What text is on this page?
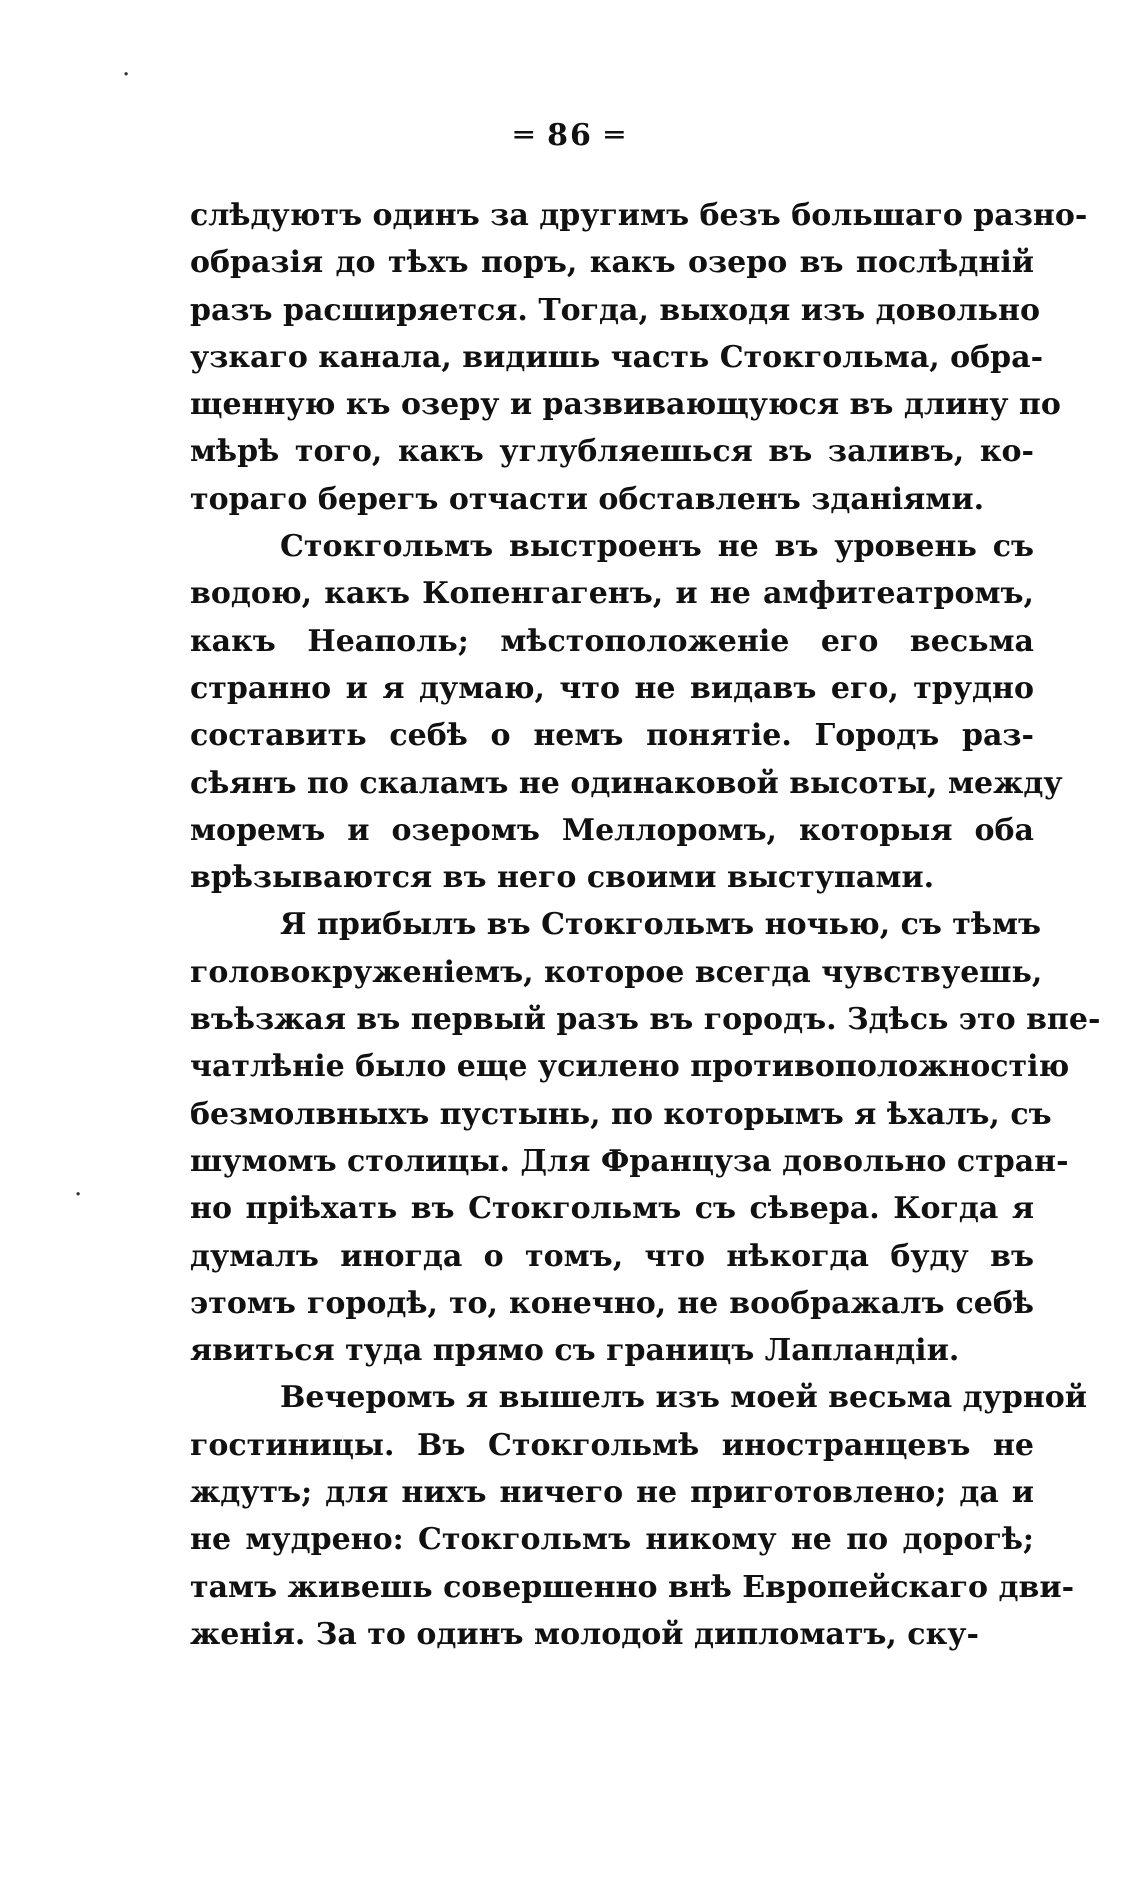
·
·
═ 86 ═
слѣдуютъ одинъ за другимъ безъ большаго разно-
образія до тѣхъ поръ, какъ озеро въ послѣдній
разъ расширяется. Тогда, выходя изъ довольно
узкаго канала, видишь часть Стокгольма, обра-
щенную къ озеру и развивающуюся въ длину по
мѣрѣ того, какъ углубляешься въ заливъ, ко-
тораго берегъ отчасти обставленъ зданіями.
Стокгольмъ выстроенъ не въ уровень съ
водою, какъ Копенгагенъ, и не амфитеатромъ,
какъ Неаполь; мѣстоположеніе его весьма
странно и я думаю, что не видавъ его, трудно
составить себѣ о немъ понятіе. Городъ раз-
сѣянъ по скаламъ не одинаковой высоты, между
моремъ и озеромъ Меллоромъ, которыя оба
врѣзываются въ него своими выступами.
Я прибылъ въ Стокгольмъ ночью, съ тѣмъ
головокруженіемъ, которое всегда чувствуешь,
въѣзжая въ первый разъ въ городъ. Здѣсь это впе-
чатлѣніе было еще усилено противоположностію
безмолвныхъ пустынь, по которымъ я ѣхалъ, съ
шумомъ столицы. Для Француза довольно стран-
но пріѣхать въ Стокгольмъ съ сѣвера. Когда я
думалъ иногда о томъ, что нѣкогда буду въ
этомъ городѣ, то, конечно, не воображалъ себѣ
явиться туда прямо съ границъ Лапландіи.
Вечеромъ я вышелъ изъ моей весьма дурной
гостиницы. Въ Стокгольмѣ иностранцевъ не
ждутъ; для нихъ ничего не приготовлено; да и
не мудрено: Стокгольмъ никому не по дорогѣ;
тамъ живешь совершенно внѣ Европейскаго дви-
женія. За то одинъ молодой дипломатъ, ску-
